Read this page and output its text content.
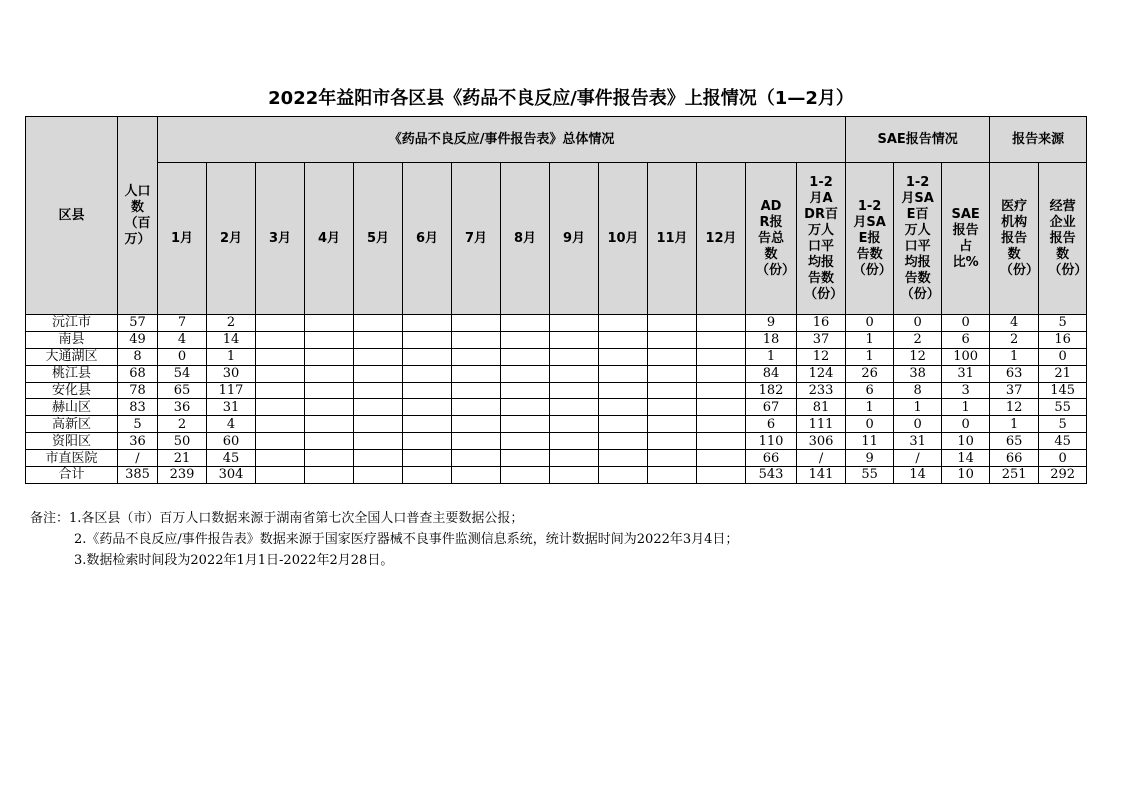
2022年益阳市各区县《药品不良反应/事件报告表》上报情况（1—2月）
区县	人口数（百万）	《药品不良反应/事件报告表》总体情况														SAE报告情况			报告来源	
		1月	2月	3月	4月	5月	6月	7月	8月	9月	10月	11月	12月	ADR报告总数（份）	1-2月ADR百万人口平均报告数（份）	1-2月SAE报告数（份）	1-2月SAE百万人口平均报告数（份）	SAE报告占比%	医疗机构报告数（份）	经营企业报告数（份）
沅江市	57	7	2											9	16	0	0	0	4	5
南县	49	4	14											18	37	1	2	6	2	16
大通湖区	8	0	1											1	12	1	12	100	1	0
桃江县	68	54	30											84	124	26	38	31	63	21
安化县	78	65	117											182	233	6	8	3	37	145
赫山区	83	36	31											67	81	1	1	1	12	55
高新区	5	2	4											6	111	0	0	0	1	5
资阳区	36	50	60											110	306	11	31	10	65	45
市直医院	/	21	45											66	/	9	/	14	66	0
合计	385	239	304											543	141	55	14	10	251	292
备注：1.各区县（市）百万人口数据来源于湖南省第七次全国人口普查主要数据公报；
2.《药品不良反应/事件报告表》数据来源于国家医疗器械不良事件监测信息系统，统计数据时间为2022年3月4日；
3.数据检索时间段为2022年1月1日-2022年2月28日。
